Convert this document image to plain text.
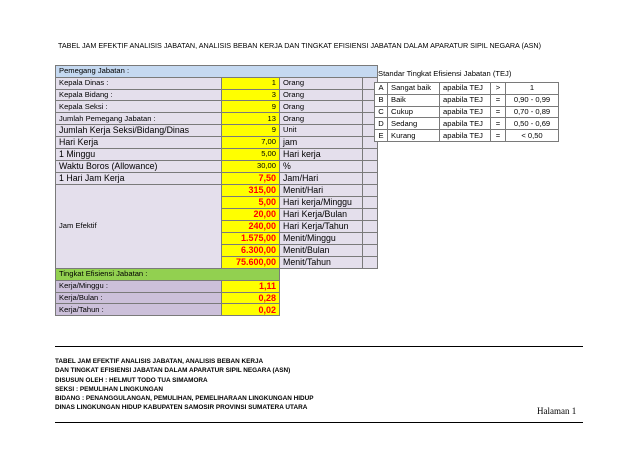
TABEL JAM EFEKTIF ANALISIS JABATAN, ANALISIS BEBAN KERJA DAN TINGKAT EFISIENSI JABATAN DALAM APARATUR SIPIL NEGARA (ASN)
Pemegang Jabatan :			
Kepala Dinas :	1	Orang	
Kepala Bidang :	3	Orang	
Kepala Seksi :	9	Orang	
Jumlah Pemegang Jabatan :	13	Orang	
Jumlah Kerja Seksi/Bidang/Dinas	9	Unit	
Hari Kerja	7,00	jam	
1 Minggu	5,00	Hari kerja	
Waktu Boros (Allowance)	30,00	%	
1 Hari Jam Kerja	7,50	Jam/Hari	
Jam Efektif	315,00	Menit/Hari	
	5,00	Hari kerja/Minggu	
	20,00	Hari Kerja/Bulan	
	240,00	Hari Kerja/Tahun	
	1.575,00	Menit/Minggu	
	6.300,00	Menit/Bulan	
	75.600,00	Menit/Tahun	
Tingkat Efisiensi Jabatan :			
Kerja/Minggu :	1,11		
Kerja/Bulan :	0,28		
Kerja/Tahun :	0,02		
Standar Tingkat Efisiensi Jabatan (TEJ)
A	Sangat baik	apabila TEJ	>	1
B	Baik	apabila TEJ	=	0,90 - 0,99
C	Cukup	apabila TEJ	=	0,70 - 0,89
D	Sedang	apabila TEJ	=	0,50 - 0,69
E	Kurang	apabila TEJ	=	< 0,50
TABEL JAM EFEKTIF ANALISIS JABATAN, ANALISIS BEBAN KERJA
DAN TINGKAT EFISIENSI JABATAN DALAM APARATUR SIPIL NEGARA (ASN)
DISUSUN OLEH : HELMUT TODO TUA SIMAMORA
SEKSI : PEMULIHAN LINGKUNGAN
BIDANG : PENANGGULANGAN, PEMULIHAN, PEMELIHARAAN LINGKUNGAN HIDUP
DINAS LINGKUNGAN HIDUP KABUPATEN SAMOSIR PROVINSI SUMATERA UTARA	Halaman 1
